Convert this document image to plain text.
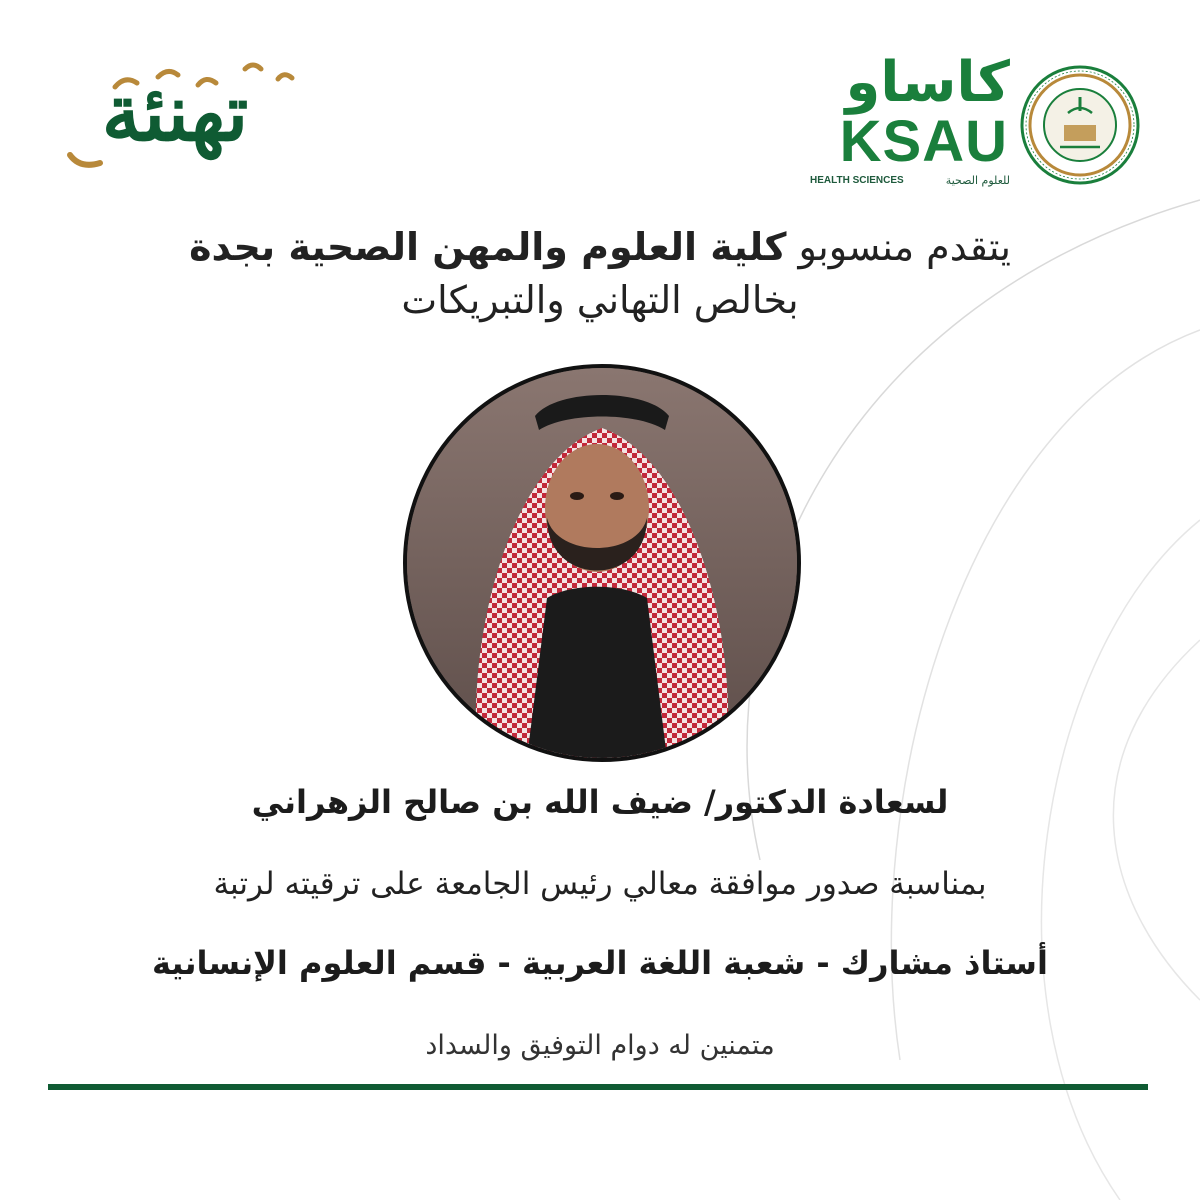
تهنئة	كاساو
KSAU
HEALTH SCIENCES	للعلوم الصحية
يتقدم منسوبو كلية العلوم والمهن الصحية بجدة
بخالص التهاني والتبريكات
لسعادة الدكتور/ ضيف الله بن صالح الزهراني
بمناسبة صدور موافقة معالي رئيس الجامعة على ترقيته لرتبة
أستاذ مشارك - شعبة اللغة العربية - قسم العلوم الإنسانية
متمنين له دوام التوفيق والسداد
